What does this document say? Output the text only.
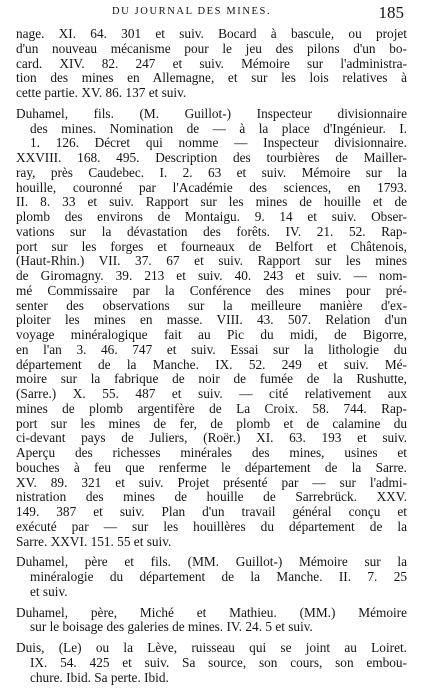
DU JOURNAL DES MINES.	185
nage. XI. 64. 301 et suiv. Bocard à bascule, ou projet
d'un nouveau mécanisme pour le jeu des pilons d'un bo-
card. XIV. 82. 247 et suiv. Mémoire sur l'administra-
tion des mines en Allemagne, et sur les lois relatives à
cette partie. XV. 86. 137 et suiv.
Duhamel, fils. (M. Guillot-) Inspecteur divisionnaire
des mines. Nomination de — à la place d'Ingénieur. I.
1. 126. Décret qui nomme — Inspecteur divisionnaire.
XXVIII. 168. 495. Description des tourbières de Mailler-
ray, près Caudebec. I. 2. 63 et suiv. Mémoire sur la
houille, couronné par l'Académie des sciences, en 1793.
II. 8. 33 et suiv. Rapport sur les mines de houille et de
plomb des environs de Montaigu. 9. 14 et suiv. Obser-
vations sur la dévastation des forêts. IV. 21. 52. Rap-
port sur les forges et fourneaux de Belfort et Châtenois,
(Haut-Rhin.) VII. 37. 67 et suiv. Rapport sur les mines
de Giromagny. 39. 213 et suiv. 40. 243 et suiv. — nom-
mé Commissaire par la Conférence des mines pour pré-
senter des observations sur la meilleure manière d'ex-
ploiter les mines en masse. VIII. 43. 507. Relation d'un
voyage minéralogique fait au Pic du midi, de Bigorre,
en l'an 3. 46. 747 et suiv. Essai sur la lithologie du
département de la Manche. IX. 52. 249 et suiv. Mé-
moire sur la fabrique de noir de fumée de la Rushutte,
(Sarre.) X. 55. 487 et suiv. — cité relativement aux
mines de plomb argentifère de La Croix. 58. 744. Rap-
port sur les mines de fer, de plomb et de calamine du
ci-devant pays de Juliers, (Roër.) XI. 63. 193 et suiv.
Aperçu des richesses minérales des mines, usines et
bouches à feu que renferme le département de la Sarre.
XV. 89. 321 et suiv. Projet présenté par — sur l'admi-
nistration des mines de houille de Sarrebrück. XXV.
149. 387 et suiv. Plan d'un travail général conçu et
exécuté par — sur les houillères du département de la
Sarre. XXVI. 151. 55 et suiv.
Duhamel, père et fils. (MM. Guillot-) Mémoire sur la
minéralogie du département de la Manche. II. 7. 25
et suiv.
Duhamel, père, Miché et Mathieu. (MM.) Mémoire
sur le boisage des galeries de mines. IV. 24. 5 et suiv.
Duis, (Le) ou la Lève, ruisseau qui se joint au Loiret.
IX. 54. 425 et suiv. Sa source, son cours, son embou-
chure. Ibid. Sa perte. Ibid.
